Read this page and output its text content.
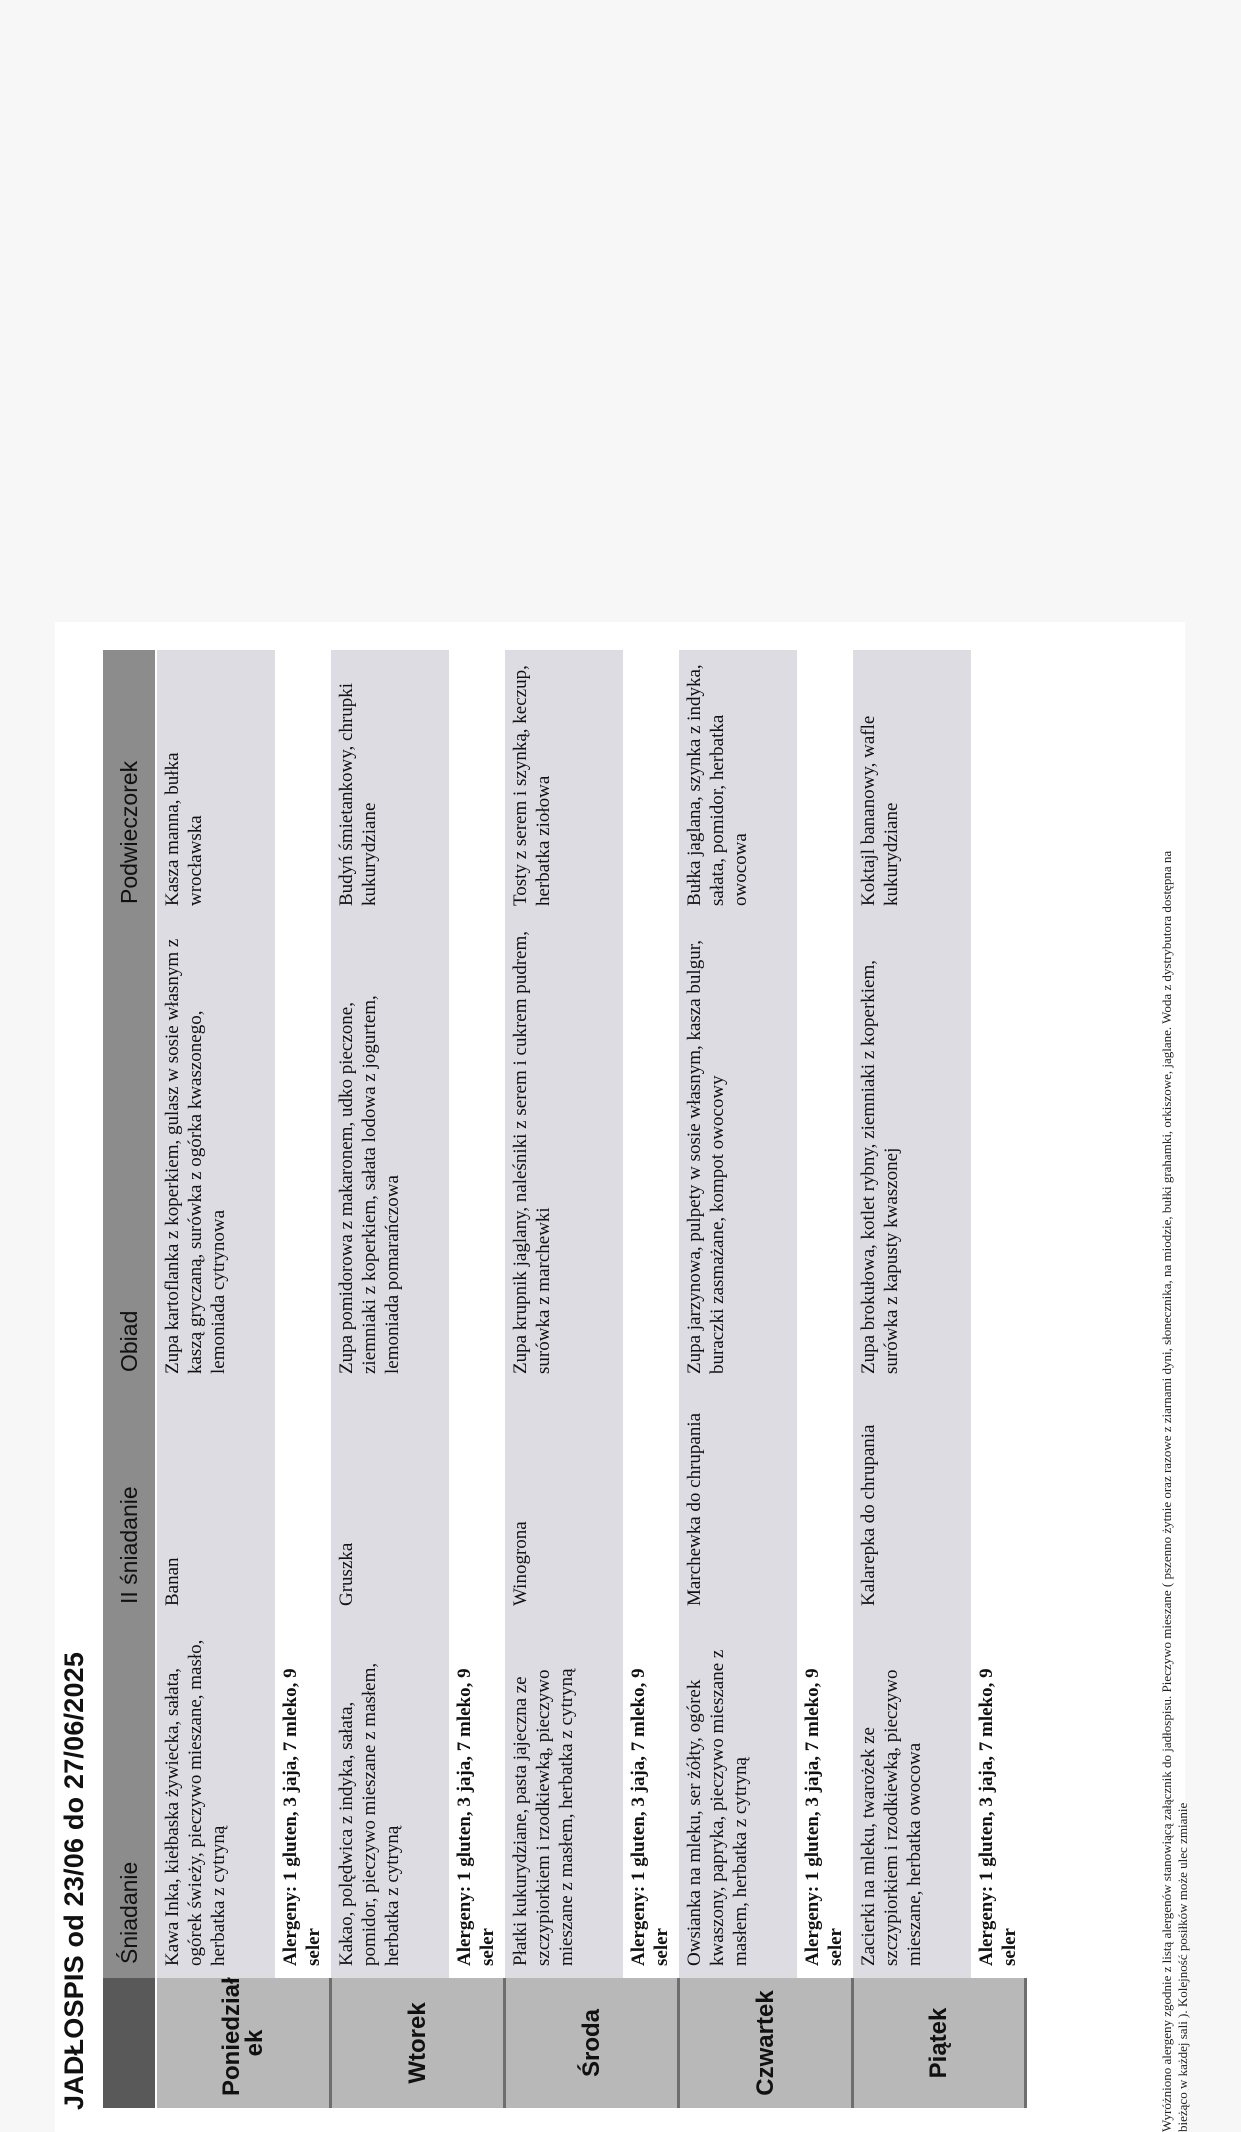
JADŁOSPIS od 23/06 do 27/06/2025
	Śniadanie	II śniadanie	Obiad	Podwieczorek
Poniedział ek	Kawa Inka, kiełbaska żywiecka, sałata, ogórek świeży, pieczywo mieszane, masło, herbatka z cytryną	Banan	Zupa kartoflanka z koperkiem, gulasz w sosie własnym z kaszą gryczaną, surówka z ogórka kwaszonego, lemoniada cytrynowa	Kasza manna, bułka wrocławska
	Alergeny: 1 gluten, 3 jaja, 7 mleko, 9 seler			
Wtorek	Kakao, polędwica z indyka, sałata, pomidor, pieczywo mieszane z masłem, herbatka z cytryną	Gruszka	Zupa pomidorowa z makaronem, udko pieczone, ziemniaki z koperkiem, sałata lodowa z jogurtem, lemoniada pomarańczowa	Budyń śmietankowy, chrupki kukurydziane
	Alergeny: 1 gluten, 3 jaja, 7 mleko, 9 seler			
Środa	Płatki kukurydziane, pasta jajeczna ze szczypiorkiem i rzodkiewką, pieczywo mieszane z masłem, herbatka z cytryną	Winogrona	Zupa krupnik jaglany, naleśniki z serem i cukrem pudrem, surówka z marchewki	Tosty z serem i szynką, keczup, herbatka ziołowa
	Alergeny: 1 gluten, 3 jaja, 7 mleko, 9 seler			
Czwartek	Owsianka na mleku, ser żółty, ogórek kwaszony, papryka, pieczywo mieszane z masłem, herbatka z cytryną	Marchewka do chrupania	Zupa jarzynowa, pulpety w sosie własnym, kasza bulgur, buraczki zasmażane, kompot owocowy	Bułka jaglana, szynka z indyka, sałata, pomidor, herbatka owocowa
	Alergeny: 1 gluten, 3 jaja, 7 mleko, 9 seler			
Piątek	Zacierki na mleku, twarożek ze szczypiorkiem i rzodkiewką, pieczywo mieszane, herbatka owocowa	Kalarepka do chrupania	Zupa brokułowa, kotlet rybny, ziemniaki z koperkiem, surówka z kapusty kwaszonej	Koktajl bananowy, wafle kukurydziane
	Alergeny: 1 gluten, 3 jaja, 7 mleko, 9 seler				Wyróżniono alergeny zgodnie z listą alergenów stanowiącą załącznik do jadłospisu. Pieczywo mieszane ( pszenno żytnie oraz razowe z ziarnami dyni, słonecznika, na miodzie, bułki grahamki, orkiszowe, jaglane. Woda z dystrybutora dostępna na bieżąco w każdej sali ). Kolejność posiłków może ulec zmianie
